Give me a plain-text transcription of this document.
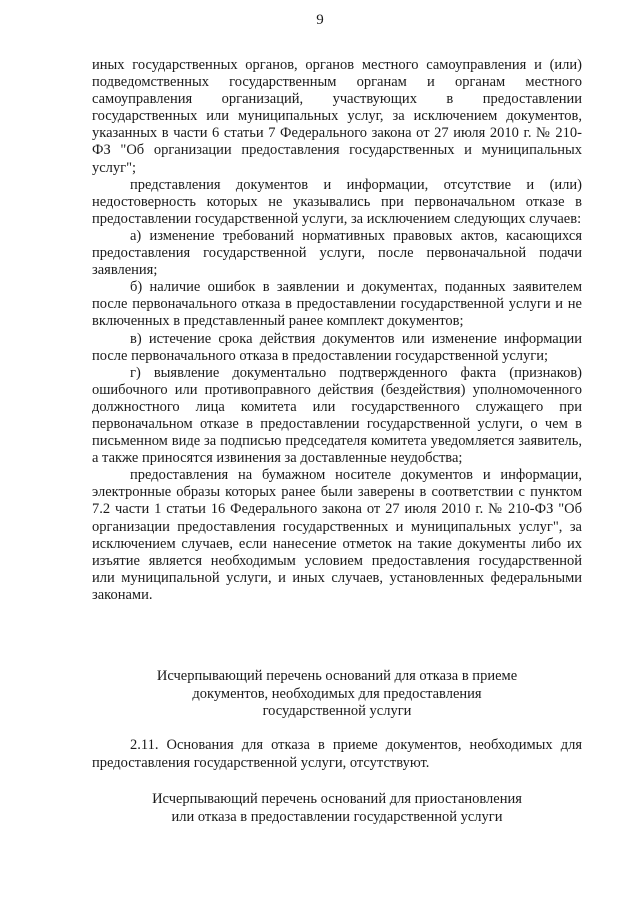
9

иных государственных органов, органов местного самоуправления и (или) подведомственных государственным органам и органам местного самоуправления организаций, участвующих в предоставлении государственных или муниципальных услуг, за исключением документов, указанных в части 6 статьи 7 Федерального закона от 27 июля 2010 г. № 210-ФЗ "Об организации предоставления государственных и муниципальных услуг";

представления документов и информации, отсутствие и (или) недостоверность которых не указывались при первоначальном отказе в предоставлении государственной услуги, за исключением следующих случаев:

а) изменение требований нормативных правовых актов, касающихся предоставления государственной услуги, после первоначальной подачи заявления;

б) наличие ошибок в заявлении и документах, поданных заявителем после первоначального отказа в предоставлении государственной услуги и не включенных в представленный ранее комплект документов;

в) истечение срока действия документов или изменение информации после первоначального отказа в предоставлении государственной услуги;

г) выявление документально подтвержденного факта (признаков) ошибочного или противоправного действия (бездействия) уполномоченного должностного лица комитета или государственного служащего при первоначальном отказе в предоставлении государственной услуги, о чем в письменном виде за подписью председателя комитета уведомляется заявитель, а также приносятся извинения за доставленные неудобства;

предоставления на бумажном носителе документов и информации, электронные образы которых ранее были заверены в соответствии с пунктом 7.2 части 1 статьи 16 Федерального закона от 27 июля 2010 г. № 210-ФЗ "Об организации предоставления государственных и муниципальных услуг", за исключением случаев, если нанесение отметок на такие документы либо их изъятие является необходимым условием предоставления государственной или муниципальной услуги, и иных случаев, установленных федеральными законами.

Исчерпывающий перечень оснований для отказа в приеме
документов, необходимых для предоставления
государственной услуги

2.11. Основания для отказа в приеме документов, необходимых для предоставления государственной услуги, отсутствуют.

Исчерпывающий перечень оснований для приостановления
или отказа в предоставлении государственной услуги
